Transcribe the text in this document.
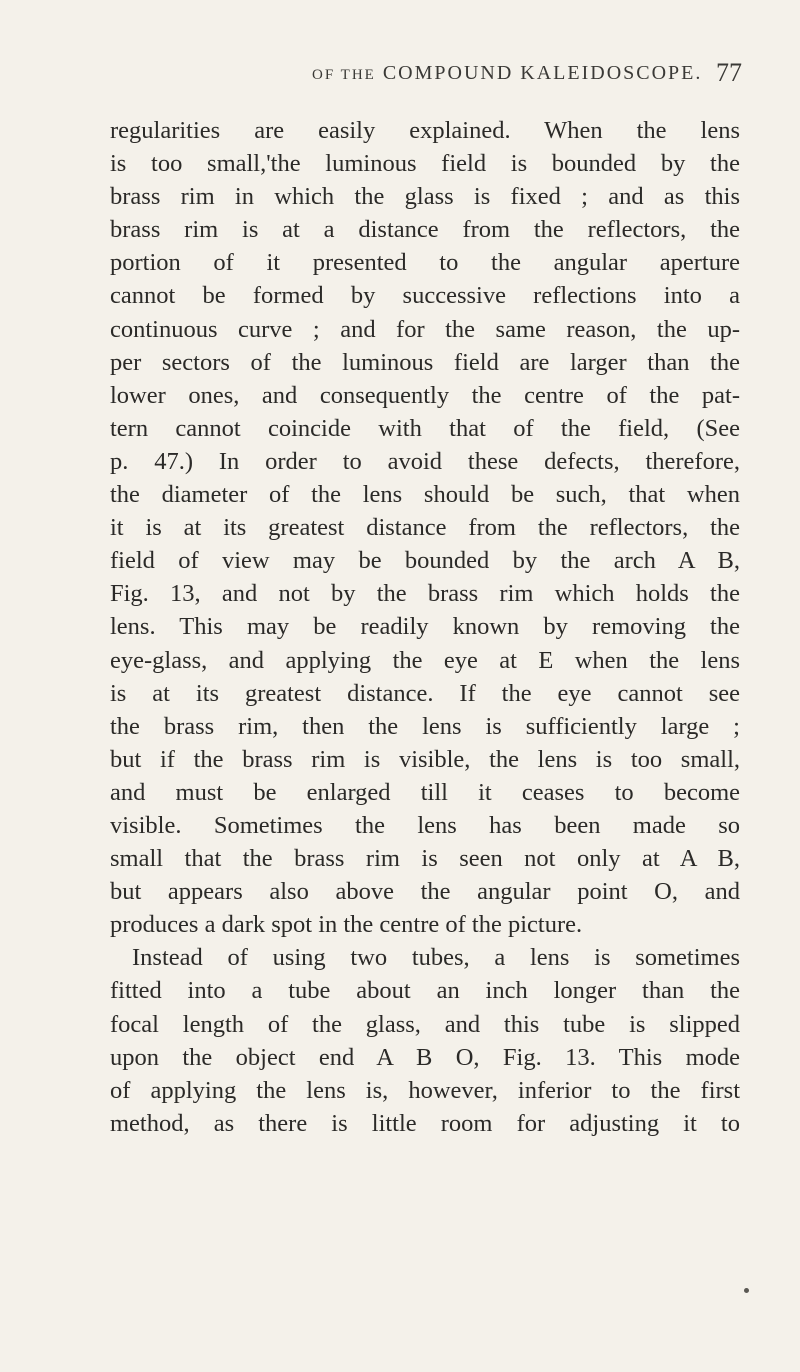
OF THE COMPOUND KALEIDOSCOPE. 77
regularities are easily explained. When the lens
is too small,'the luminous field is bounded by the
brass rim in which the glass is fixed ; and as this
brass rim is at a distance from the reflectors, the
portion of it presented to the angular aperture
cannot be formed by successive reflections into a
continuous curve ; and for the same reason, the up-
per sectors of the luminous field are larger than the
lower ones, and consequently the centre of the pat-
tern cannot coincide with that of the field, (See
p. 47.) In order to avoid these defects, therefore,
the diameter of the lens should be such, that when
it is at its greatest distance from the reflectors, the
field of view may be bounded by the arch A B,
Fig. 13, and not by the brass rim which holds the
lens. This may be readily known by removing the
eye-glass, and applying the eye at E when the lens
is at its greatest distance. If the eye cannot see
the brass rim, then the lens is sufficiently large ;
but if the brass rim is visible, the lens is too small,
and must be enlarged till it ceases to become
visible. Sometimes the lens has been made so
small that the brass rim is seen not only at A B,
but appears also above the angular point O, and
produces a dark spot in the centre of the picture.
Instead of using two tubes, a lens is sometimes
fitted into a tube about an inch longer than the
focal length of the glass, and this tube is slipped
upon the object end A B O, Fig. 13. This mode
of applying the lens is, however, inferior to the first
method, as there is little room for adjusting it to
